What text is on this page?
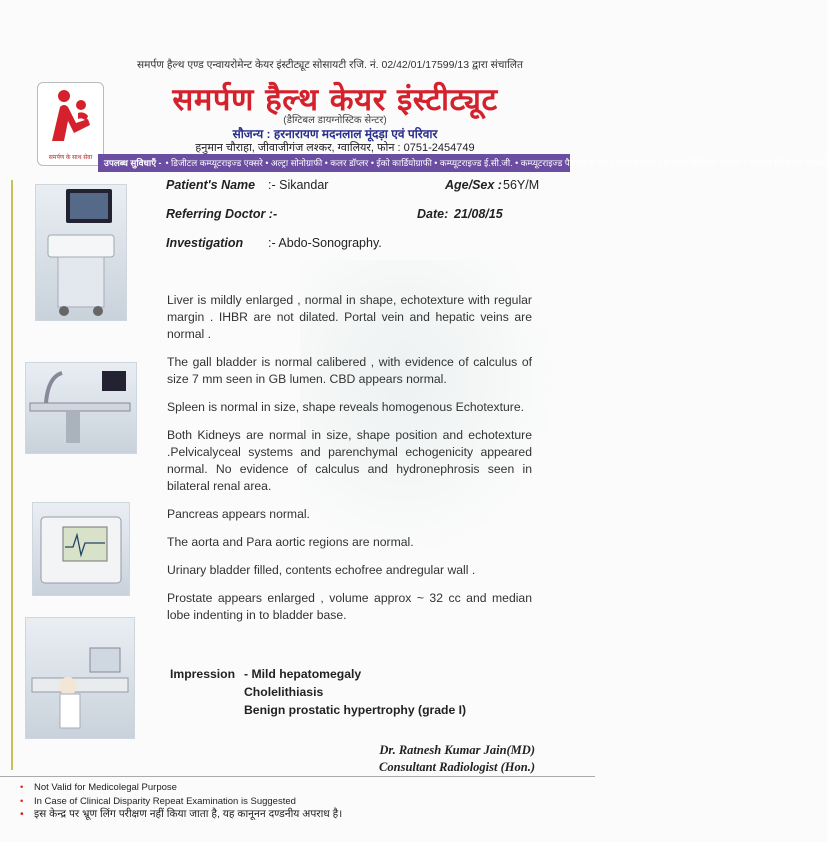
समर्पण हैल्थ एण्ड एन्वायरोमेन्ट केयर इंस्टीट्यूट सोसायटी रजि. नं. 02/42/01/17599/13 द्वारा संचालित
समर्पण के साथ सेवा
समर्पण हैल्थ केयर इंस्टीट्यूट
(डैग्टिबल डायग्नोस्टिक सेन्टर)
सौजन्य : हरनारायण मदनलाल मूंदड़ा एवं परिवार
हनुमान चौराहा, जीवाजीगंज लश्कर, ग्वालियर, फोन : 0751-2454749
उपलब्ध सुविधाएँ - • डिजीटल कम्प्यूटराइज्ड एक्सरे • अल्ट्रा सोनोग्राफी • कलर डॉप्लर • ईको कार्डियोग्राफी • कम्प्यूटराइज्ड ई.सी.जी. • कम्प्यूटराइज्ड पैथोलॉजी लैब • नेबुलाइजेशन • डे-केयर चिकित्सा सुविधा • विशेषज्ञ चिकित्सा परामर्श
Patient's Name :- Sikandar	Age/Sex : 56Y/M
Referring Doctor :-	Date: 21/08/15
Investigation :- Abdo-Sonography.

Liver is mildly enlarged , normal in shape, echotexture with regular margin . IHBR are not dilated. Portal vein and hepatic veins are normal .

The gall bladder is normal calibered , with evidence of calculus of size 7 mm seen in GB lumen. CBD appears normal.

Spleen is normal in size, shape reveals homogenous Echotexture.

Both Kidneys are normal in size, shape position and echotexture .Pelvicalyceal systems and parenchymal echogenicity appeared normal. No evidence of calculus and hydronephrosis seen in bilateral renal area.

Pancreas appears normal.

The aorta and Para aortic regions are normal.

Urinary bladder filled, contents echofree andregular wall .

Prostate appears enlarged , volume approx ~ 32 cc and median lobe indenting in to bladder base.

Impression - Mild hepatomegaly
Cholelithiasis
Benign prostatic hypertrophy (grade I)
Dr. Ratnesh Kumar Jain(MD)
Consultant Radiologist (Hon.)
• Not Valid for Medicolegal Purpose
• In Case of Clinical Disparity Repeat Examination is Suggested
• इस केन्द्र पर भ्रूण लिंग परीक्षण नहीं किया जाता है, यह कानूनन दण्डनीय अपराध है।
